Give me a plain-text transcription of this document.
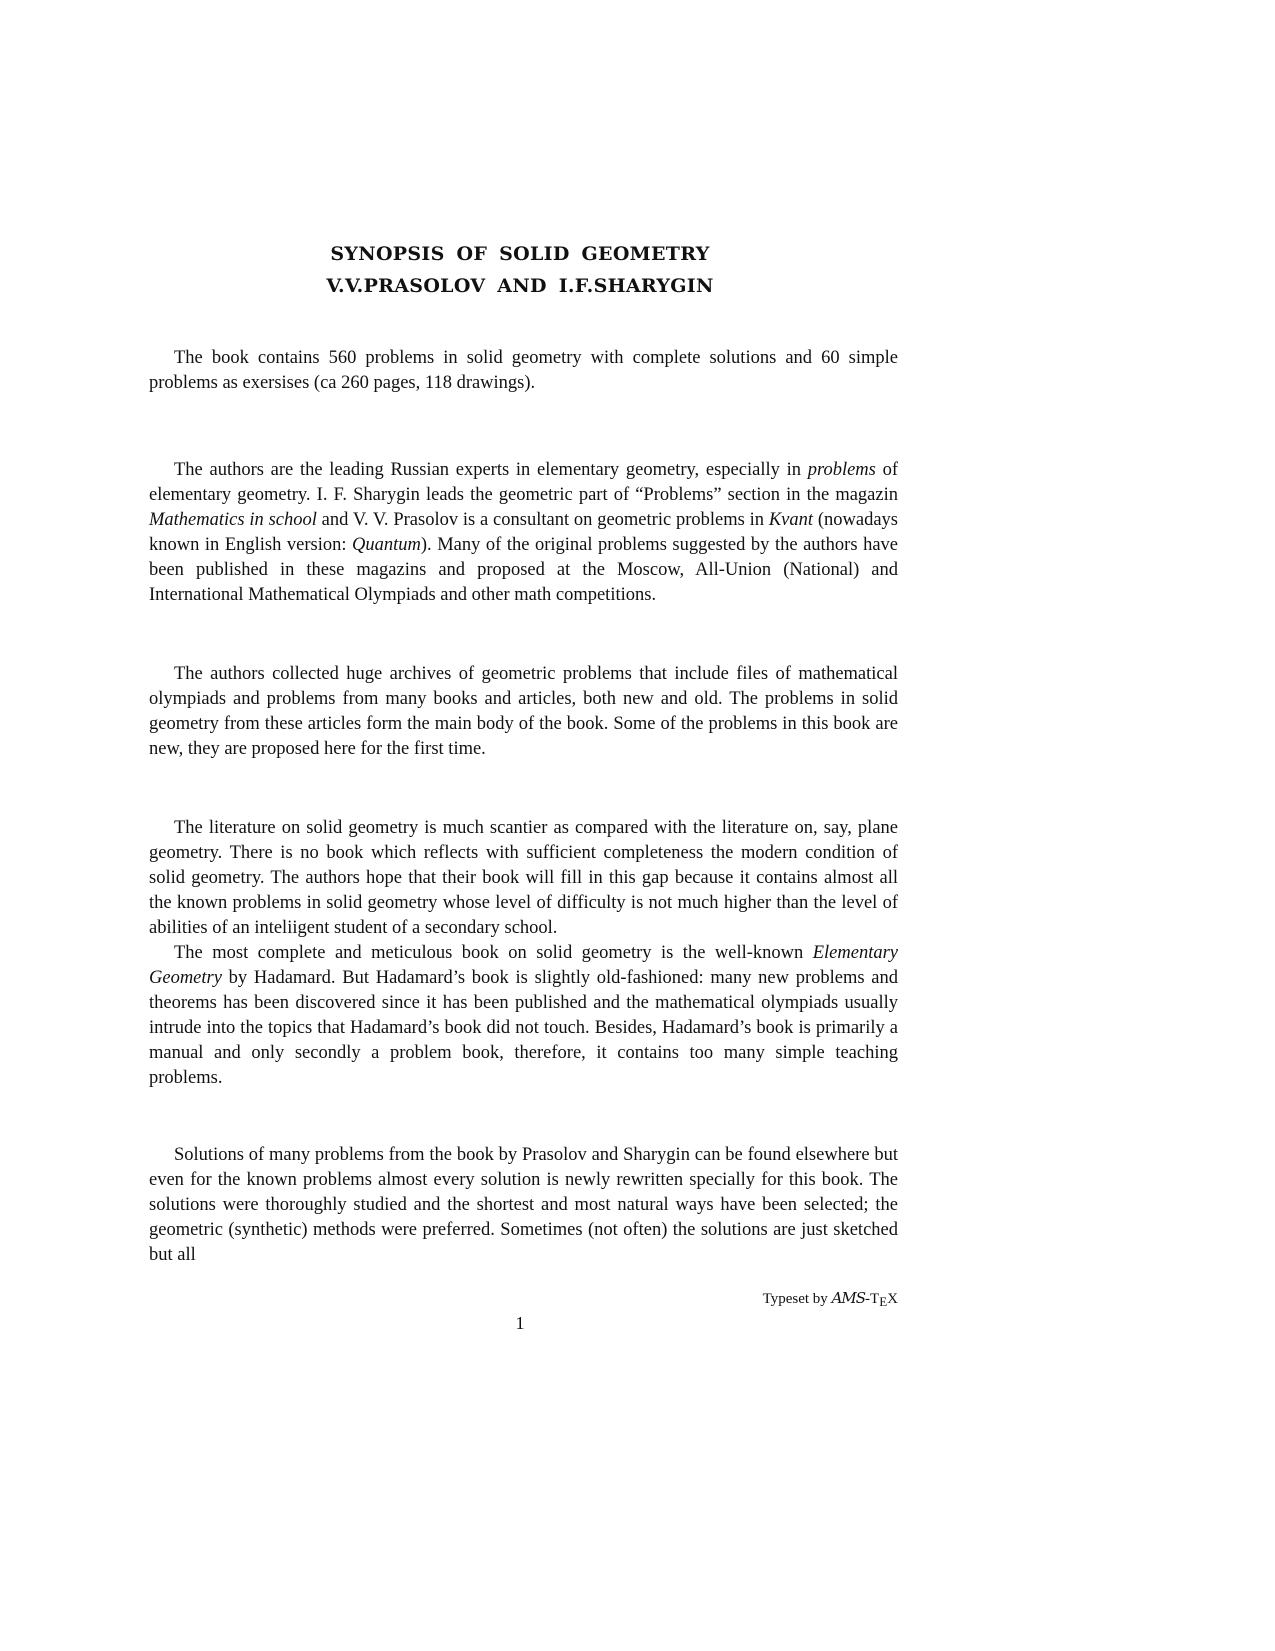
SYNOPSIS OF SOLID GEOMETRY
V.V.PRASOLOV AND I.F.SHARYGIN

The book contains 560 problems in solid geometry with complete solutions and 60 simple problems as exersises (ca 260 pages, 118 drawings).

The authors are the leading Russian experts in elementary geometry, especially in problems of elementary geometry. I. F. Sharygin leads the geometric part of “Problems” section in the magazin Mathematics in school and V. V. Prasolov is a consultant on geometric problems in Kvant (nowadays known in English version: Quantum). Many of the original problems suggested by the authors have been published in these magazins and proposed at the Moscow, All-Union (National) and International Mathematical Olympiads and other math competitions.

The authors collected huge archives of geometric problems that include files of mathematical olympiads and problems from many books and articles, both new and old. The problems in solid geometry from these articles form the main body of the book. Some of the problems in this book are new, they are proposed here for the first time.

The literature on solid geometry is much scantier as compared with the literature on, say, plane geometry. There is no book which reflects with sufficient completeness the modern condition of solid geometry. The authors hope that their book will fill in this gap because it contains almost all the known problems in solid geometry whose level of difficulty is not much higher than the level of abilities of an inteliigent student of a secondary school.

The most complete and meticulous book on solid geometry is the well-known Elementary Geometry by Hadamard. But Hadamard’s book is slightly old-fashioned: many new problems and theorems has been discovered since it has been published and the mathematical olympiads usually intrude into the topics that Hadamard’s book did not touch. Besides, Hadamard’s book is primarily a manual and only secondly a problem book, therefore, it contains too many simple teaching problems.

Solutions of many problems from the book by Prasolov and Sharygin can be found elsewhere but even for the known problems almost every solution is newly rewritten specially for this book. The solutions were thoroughly studied and the shortest and most natural ways have been selected; the geometric (synthetic) methods were preferred. Sometimes (not often) the solutions are just sketched but all

Typeset by AMS-TEX
1
